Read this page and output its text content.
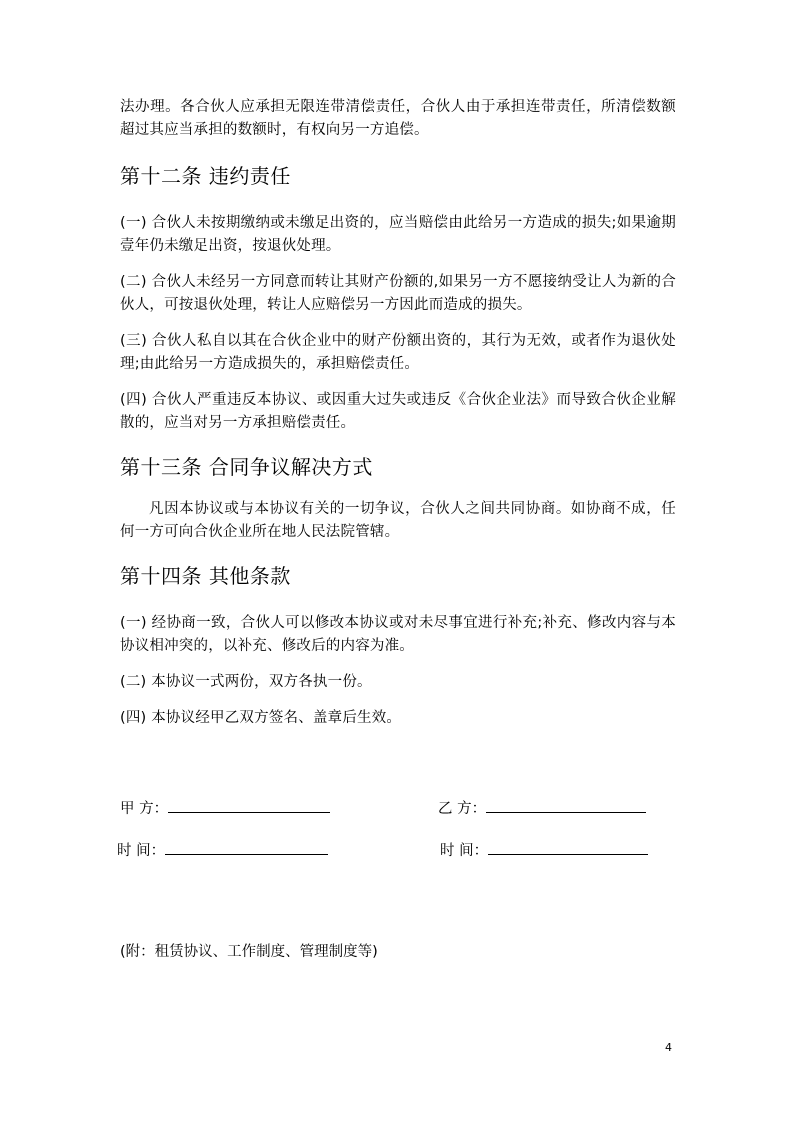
法办理。各合伙人应承担无限连带清偿责任，合伙人由于承担连带责任，所清偿数额超过其应当承担的数额时，有权向另一方追偿。

第十二条 违约责任

(一) 合伙人未按期缴纳或未缴足出资的，应当赔偿由此给另一方造成的损失;如果逾期壹年仍未缴足出资，按退伙处理。

(二) 合伙人未经另一方同意而转让其财产份额的,如果另一方不愿接纳受让人为新的合伙人，可按退伙处理，转让人应赔偿另一方因此而造成的损失。

(三) 合伙人私自以其在合伙企业中的财产份额出资的，其行为无效，或者作为退伙处理;由此给另一方造成损失的，承担赔偿责任。

(四) 合伙人严重违反本协议、或因重大过失或违反《合伙企业法》而导致合伙企业解散的，应当对另一方承担赔偿责任。

第十三条 合同争议解决方式

凡因本协议或与本协议有关的一切争议，合伙人之间共同协商。如协商不成，任何一方可向合伙企业所在地人民法院管辖。

第十四条 其他条款

(一) 经协商一致，合伙人可以修改本协议或对未尽事宜进行补充;补充、修改内容与本协议相冲突的，以补充、修改后的内容为准。

(二) 本协议一式两份，双方各执一份。

(四) 本协议经甲乙双方签名、盖章后生效。

甲 方：	乙 方：
时 间：	时 间：
(附：租赁协议、工作制度、管理制度等)
4
